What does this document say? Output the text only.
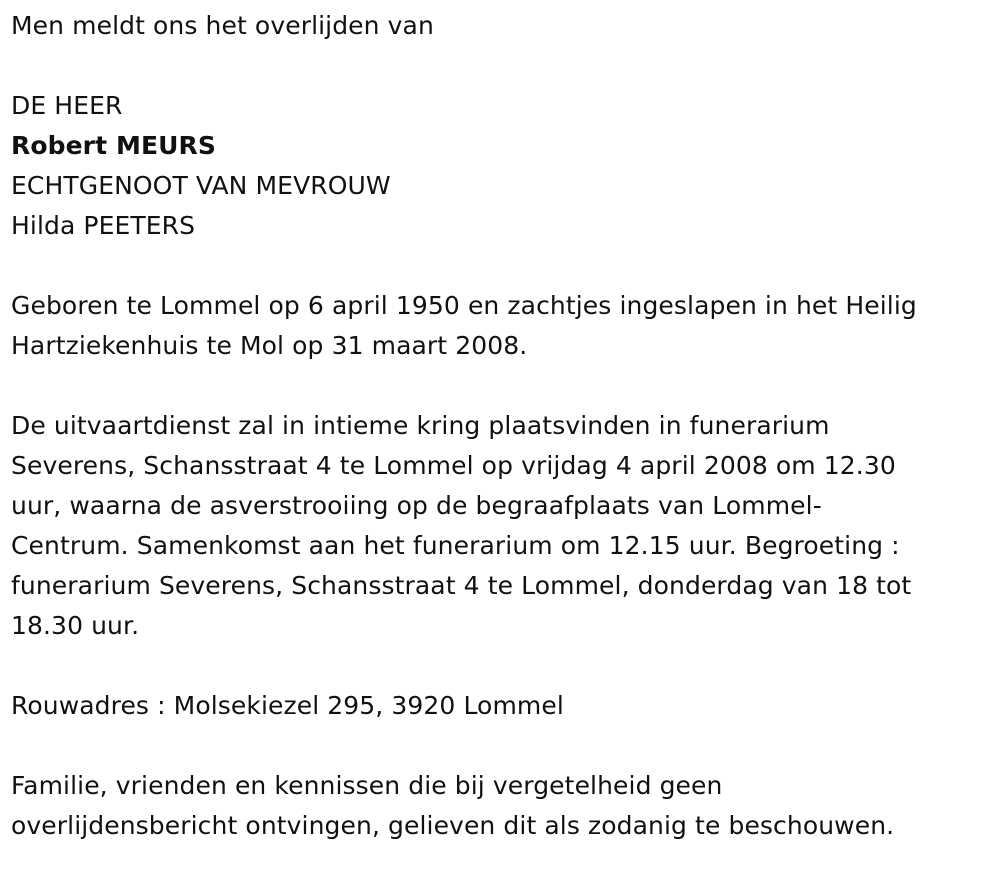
Men meldt ons het overlijden van

DE HEER

Robert MEURS

ECHTGENOOT VAN MEVROUW

Hilda PEETERS

Geboren te Lommel op 6 april 1950 en zachtjes ingeslapen in het Heilig

Hartziekenhuis te Mol op 31 maart 2008.

De uitvaartdienst zal in intieme kring plaatsvinden in funerarium

Severens, Schansstraat 4 te Lommel op vrijdag 4 april 2008 om 12.30

uur, waarna de asverstrooiing op de begraafplaats van Lommel-

Centrum. Samenkomst aan het funerarium om 12.15 uur. Begroeting :

funerarium Severens, Schansstraat 4 te Lommel, donderdag van 18 tot

18.30 uur.

Rouwadres : Molsekiezel 295, 3920 Lommel

Familie, vrienden en kennissen die bij vergetelheid geen

overlijdensbericht ontvingen, gelieven dit als zodanig te beschouwen.
